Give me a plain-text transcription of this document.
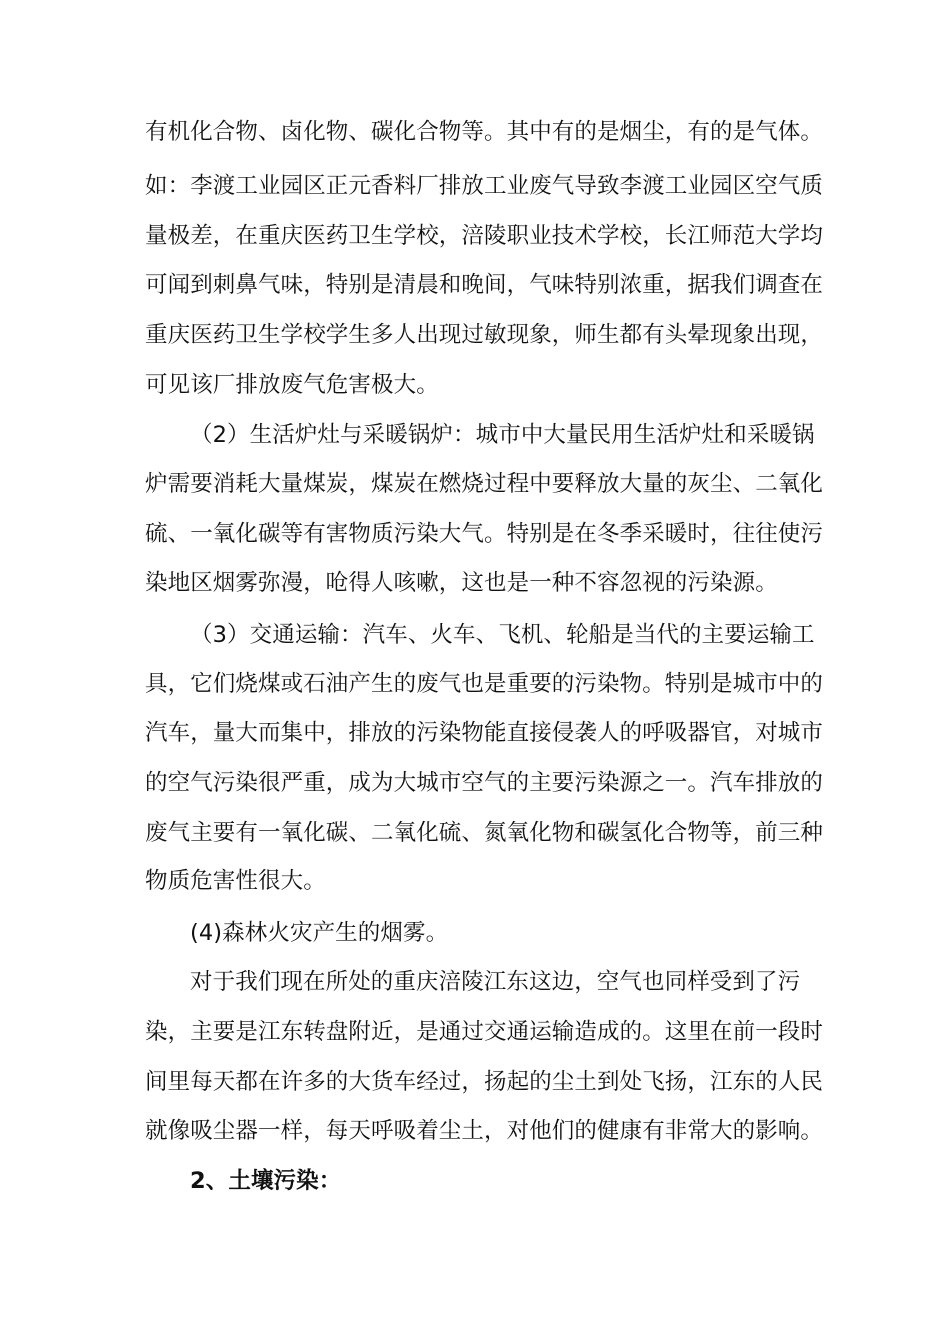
有机化合物、卤化物、碳化合物等。其中有的是烟尘，有的是气体。
如：李渡工业园区正元香料厂排放工业废气导致李渡工业园区空气质
量极差，在重庆医药卫生学校，涪陵职业技术学校，长江师范大学均
可闻到刺鼻气味，特别是清晨和晚间，气味特别浓重，据我们调查在
重庆医药卫生学校学生多人出现过敏现象，师生都有头晕现象出现，
可见该厂排放废气危害极大。
（2）生活炉灶与采暖锅炉：城市中大量民用生活炉灶和采暖锅
炉需要消耗大量煤炭，煤炭在燃烧过程中要释放大量的灰尘、二氧化
硫、一氧化碳等有害物质污染大气。特别是在冬季采暖时，往往使污
染地区烟雾弥漫，呛得人咳嗽，这也是一种不容忽视的污染源。
（3）交通运输：汽车、火车、飞机、轮船是当代的主要运输工
具，它们烧煤或石油产生的废气也是重要的污染物。特别是城市中的
汽车，量大而集中，排放的污染物能直接侵袭人的呼吸器官，对城市
的空气污染很严重，成为大城市空气的主要污染源之一。汽车排放的
废气主要有一氧化碳、二氧化硫、氮氧化物和碳氢化合物等，前三种
物质危害性很大。
(4)森林火灾产生的烟雾。
对于我们现在所处的重庆涪陵江东这边，空气也同样受到了污
染，主要是江东转盘附近，是通过交通运输造成的。这里在前一段时
间里每天都在许多的大货车经过，扬起的尘土到处飞扬，江东的人民
就像吸尘器一样，每天呼吸着尘土，对他们的健康有非常大的影响。
2、土壤污染：
